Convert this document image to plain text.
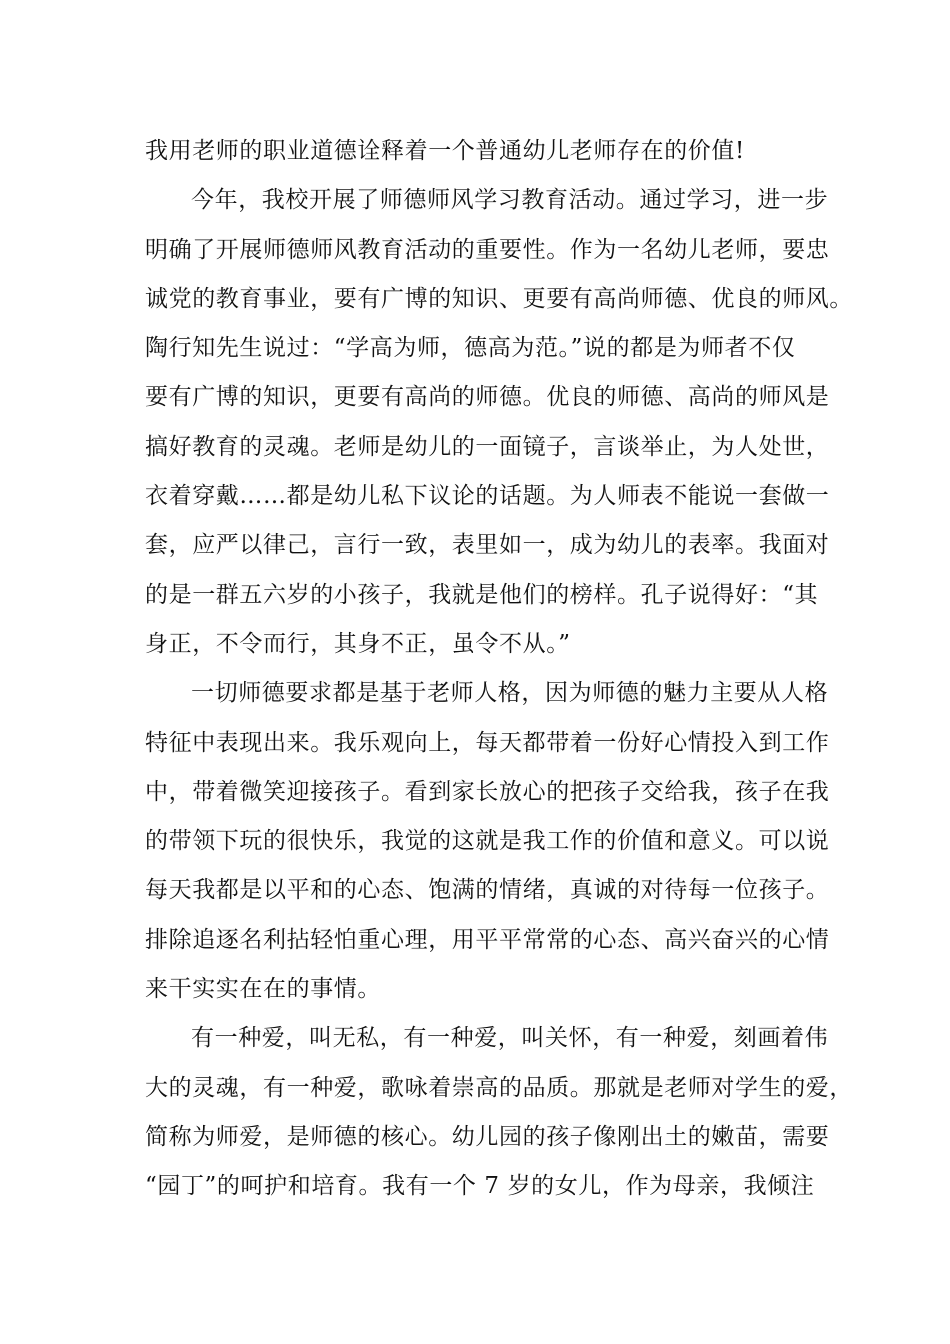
我用老师的职业道德诠释着一个普通幼儿老师存在的价值!
今年，我校开展了师德师风学习教育活动。通过学习，进一步
明确了开展师德师风教育活动的重要性。作为一名幼儿老师，要忠
诚党的教育事业，要有广博的知识、更要有高尚师德、优良的师风。
陶行知先生说过：“学高为师，德高为范。”说的都是为师者不仅
要有广博的知识，更要有高尚的师德。优良的师德、高尚的师风是
搞好教育的灵魂。老师是幼儿的一面镜子，言谈举止，为人处世，
衣着穿戴……都是幼儿私下议论的话题。为人师表不能说一套做一
套，应严以律己，言行一致，表里如一，成为幼儿的表率。我面对
的是一群五六岁的小孩子，我就是他们的榜样。孔子说得好：“其
身正，不令而行，其身不正，虽令不从。”
一切师德要求都是基于老师人格，因为师德的魅力主要从人格
特征中表现出来。我乐观向上，每天都带着一份好心情投入到工作
中，带着微笑迎接孩子。看到家长放心的把孩子交给我，孩子在我
的带领下玩的很快乐，我觉的这就是我工作的价值和意义。可以说
每天我都是以平和的心态、饱满的情绪，真诚的对待每一位孩子。
排除追逐名利拈轻怕重心理，用平平常常的心态、高兴奋兴的心情
来干实实在在的事情。
有一种爱，叫无私，有一种爱，叫关怀，有一种爱，刻画着伟
大的灵魂，有一种爱，歌咏着崇高的品质。那就是老师对学生的爱，
简称为师爱，是师德的核心。幼儿园的孩子像刚出土的嫩苗，需要
“园丁”的呵护和培育。我有一个 7 岁的女儿，作为母亲，我倾注
